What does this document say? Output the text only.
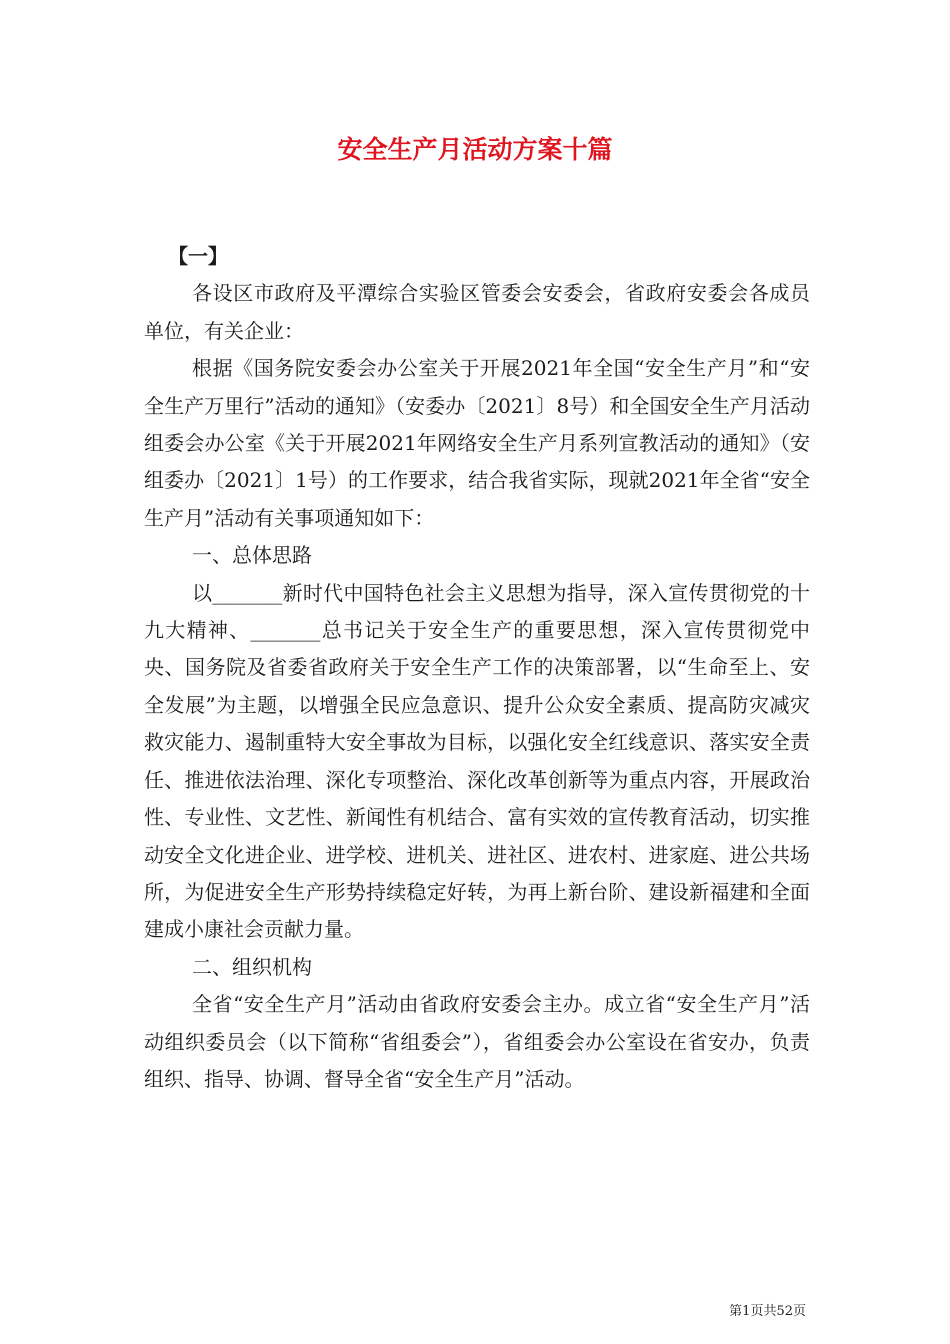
安全生产月活动方案十篇

【一】

各设区市政府及平潭综合实验区管委会安委会，省政府安委会各成员单位，有关企业：

根据《国务院安委会办公室关于开展2021年全国“安全生产月”和“安全生产万里行”活动的通知》（安委办〔2021〕8号）和全国安全生产月活动组委会办公室《关于开展2021年网络安全生产月系列宣教活动的通知》（安组委办〔2021〕1号）的工作要求，结合我省实际，现就2021年全省“安全生产月”活动有关事项通知如下：

一、总体思路

以_______新时代中国特色社会主义思想为指导，深入宣传贯彻党的十九大精神、_______总书记关于安全生产的重要思想，深入宣传贯彻党中央、国务院及省委省政府关于安全生产工作的决策部署，以“生命至上、安全发展”为主题，以增强全民应急意识、提升公众安全素质、提高防灾减灾救灾能力、遏制重特大安全事故为目标，以强化安全红线意识、落实安全责任、推进依法治理、深化专项整治、深化改革创新等为重点内容，开展政治性、专业性、文艺性、新闻性有机结合、富有实效的宣传教育活动，切实推动安全文化进企业、进学校、进机关、进社区、进农村、进家庭、进公共场所，为促进安全生产形势持续稳定好转，为再上新台阶、建设新福建和全面建成小康社会贡献力量。

二、组织机构

全省“安全生产月”活动由省政府安委会主办。成立省“安全生产月”活动组织委员会（以下简称“省组委会”），省组委会办公室设在省安办，负责组织、指导、协调、督导全省“安全生产月”活动。

第1页共52页
